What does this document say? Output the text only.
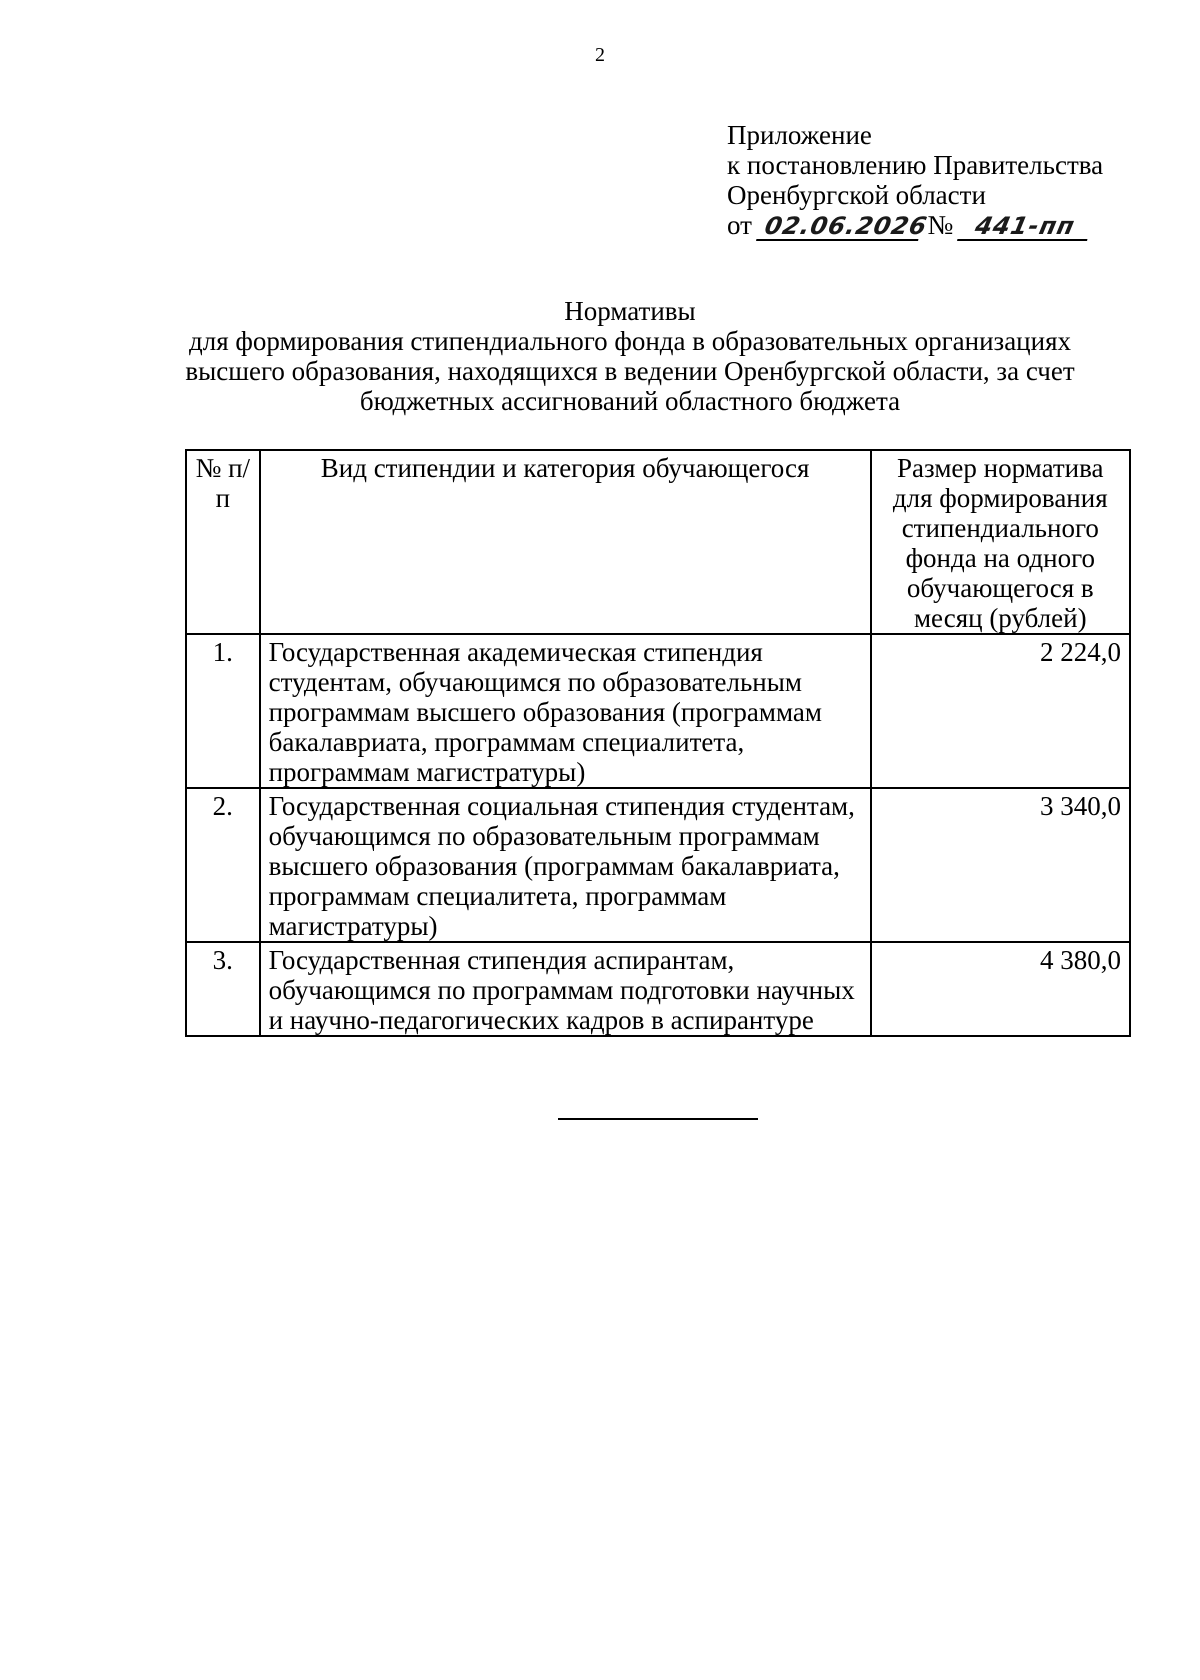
2
Приложение
к постановлению Правительства
Оренбургской области
от 02.06.2026 № 441-пп
Нормативы
для формирования стипендиального фонда в образовательных организациях высшего образования, находящихся в ведении Оренбургской области, за счет бюджетных ассигнований областного бюджета
№ п/п	Вид стипендии и категория обучающегося	Размер норматива для формирования стипендиального фонда на одного обучающегося в месяц (рублей)
1.	Государственная академическая стипендия студентам, обучающимся по образовательным программам высшего образования (программам бакалавриата, программам специалитета, программам магистратуры)	2 224,0
2.	Государственная социальная стипендия студентам, обучающимся по образовательным программам высшего образования (программам бакалавриата, программам специалитета, программам магистратуры)	3 340,0
3.	Государственная стипендия аспирантам, обучающимся по программам подготовки научных и научно-педагогических кадров в аспирантуре	4 380,0
